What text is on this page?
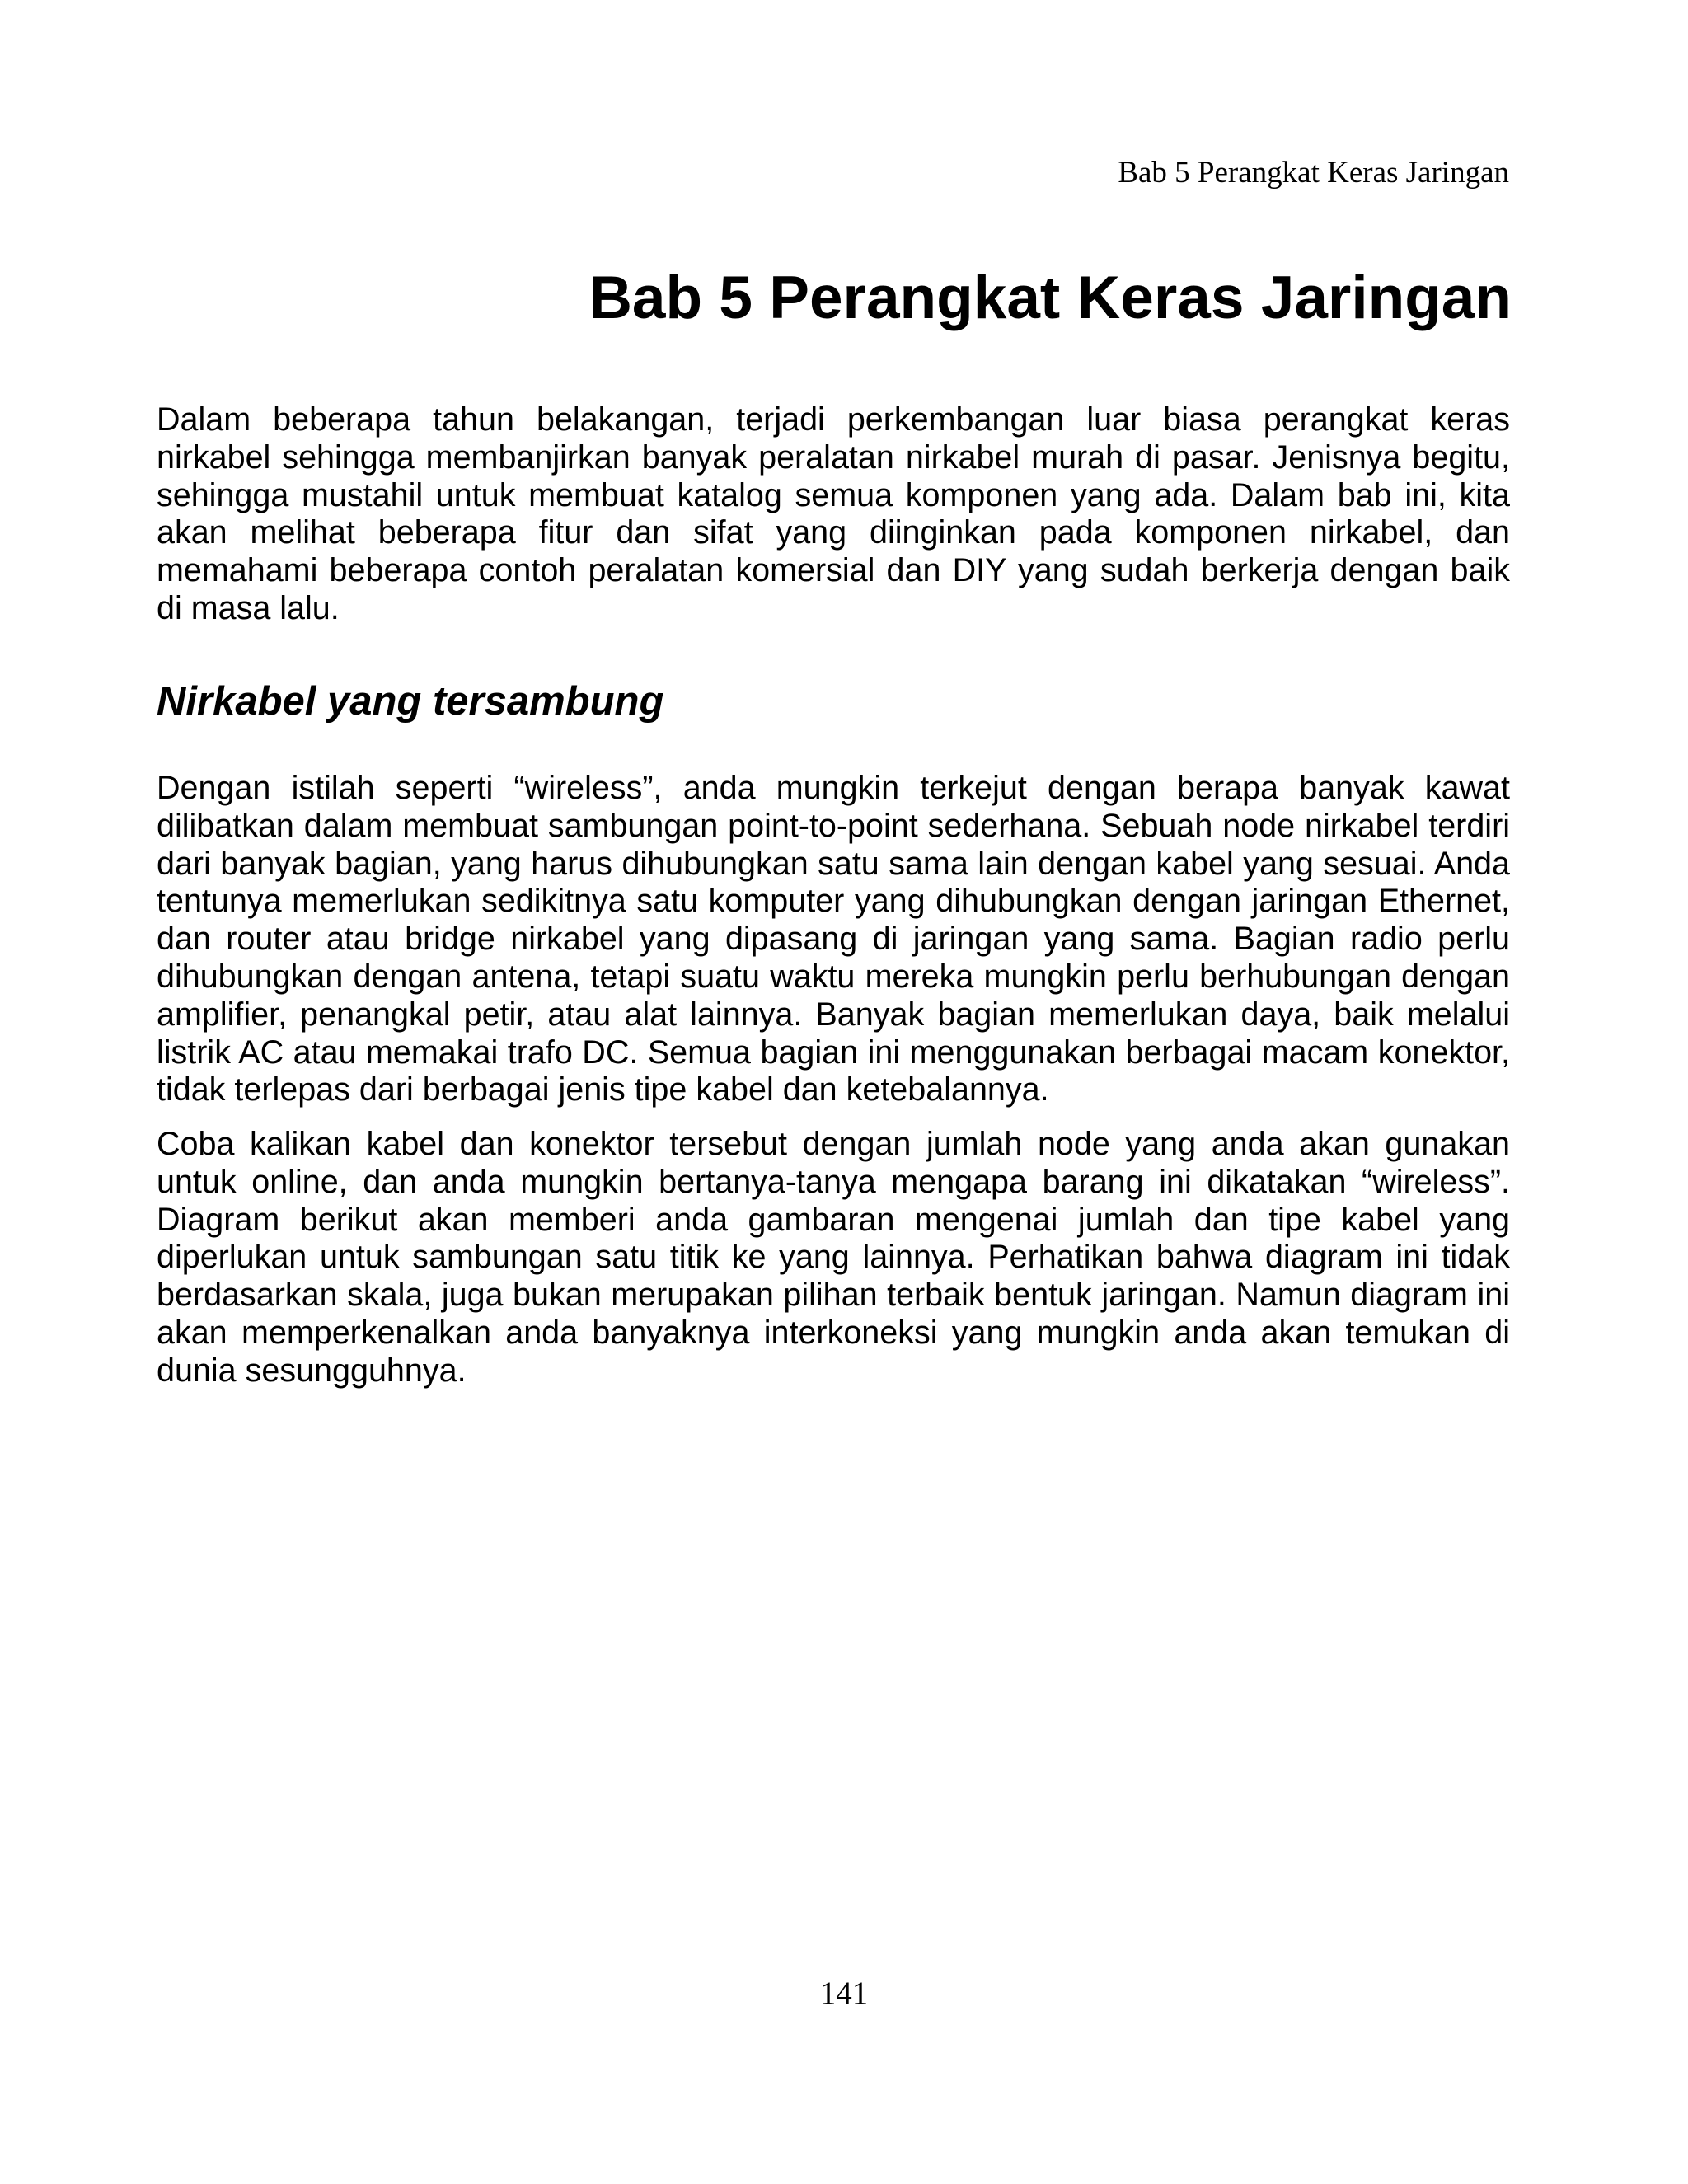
Bab 5 Perangkat Keras Jaringan
Bab 5 Perangkat Keras Jaringan

Dalam beberapa tahun belakangan, terjadi perkembangan luar biasa perangkat keras nirkabel sehingga membanjirkan banyak peralatan nirkabel murah di pasar. Jenisnya begitu, sehingga mustahil untuk membuat katalog semua komponen yang ada. Dalam bab ini, kita akan melihat beberapa fitur dan sifat yang diinginkan pada komponen nirkabel, dan memahami beberapa contoh peralatan komersial dan DIY yang sudah berkerja dengan baik di masa lalu.

Nirkabel yang tersambung

Dengan istilah seperti “wireless”, anda mungkin terkejut dengan berapa banyak kawat dilibatkan dalam membuat sambungan point-to-point sederhana. Sebuah node nirkabel terdiri dari banyak bagian, yang harus dihubungkan satu sama lain dengan kabel yang sesuai. Anda tentunya memerlukan sedikitnya satu komputer yang dihubungkan dengan jaringan Ethernet, dan router atau bridge nirkabel yang dipasang di jaringan yang sama. Bagian radio perlu dihubungkan dengan antena, tetapi suatu waktu mereka mungkin perlu berhubungan dengan amplifier, penangkal petir, atau alat lainnya. Banyak bagian memerlukan daya, baik melalui listrik AC atau memakai trafo DC. Semua bagian ini menggunakan berbagai macam konektor, tidak terlepas dari berbagai jenis tipe kabel dan ketebalannya.

Coba kalikan kabel dan konektor tersebut dengan jumlah node yang anda akan gunakan untuk online, dan anda mungkin bertanya-tanya mengapa barang ini dikatakan “wireless”. Diagram berikut akan memberi anda gambaran mengenai jumlah dan tipe kabel yang diperlukan untuk sambungan satu titik ke yang lainnya. Perhatikan bahwa diagram ini tidak berdasarkan skala, juga bukan merupakan pilihan terbaik bentuk jaringan. Namun diagram ini akan memperkenalkan anda banyaknya interkoneksi yang mungkin anda akan temukan di dunia sesungguhnya.

141
